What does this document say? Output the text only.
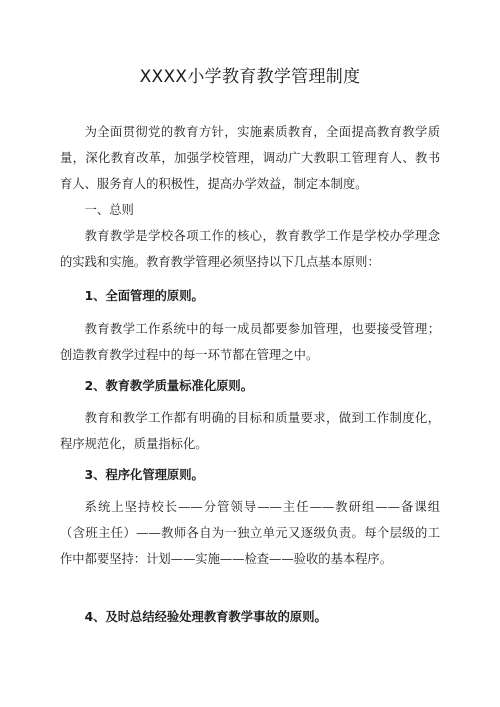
XXXX小学教育教学管理制度

为全面贯彻党的教育方针，实施素质教育，全面提高教育教学质量，深化教育改革，加强学校管理，调动广大教职工管理育人、教书育人、服务育人的积极性，提高办学效益，制定本制度。

一、总则

教育教学是学校各项工作的核心，教育教学工作是学校办学理念的实践和实施。教育教学管理必须坚持以下几点基本原则：

1、全面管理的原则。

教育教学工作系统中的每一成员都要参加管理，也要接受管理；创造教育教学过程中的每一环节都在管理之中。

2、教育教学质量标准化原则。

教育和教学工作都有明确的目标和质量要求，做到工作制度化，程序规范化，质量指标化。

3、程序化管理原则。

系统上坚持校长——分管领导——主任——教研组——备课组（含班主任）——教师各自为一独立单元又逐级负责。每个层级的工作中都要坚持：计划——实施——检查——验收的基本程序。

4、及时总结经验处理教育教学事故的原则。
